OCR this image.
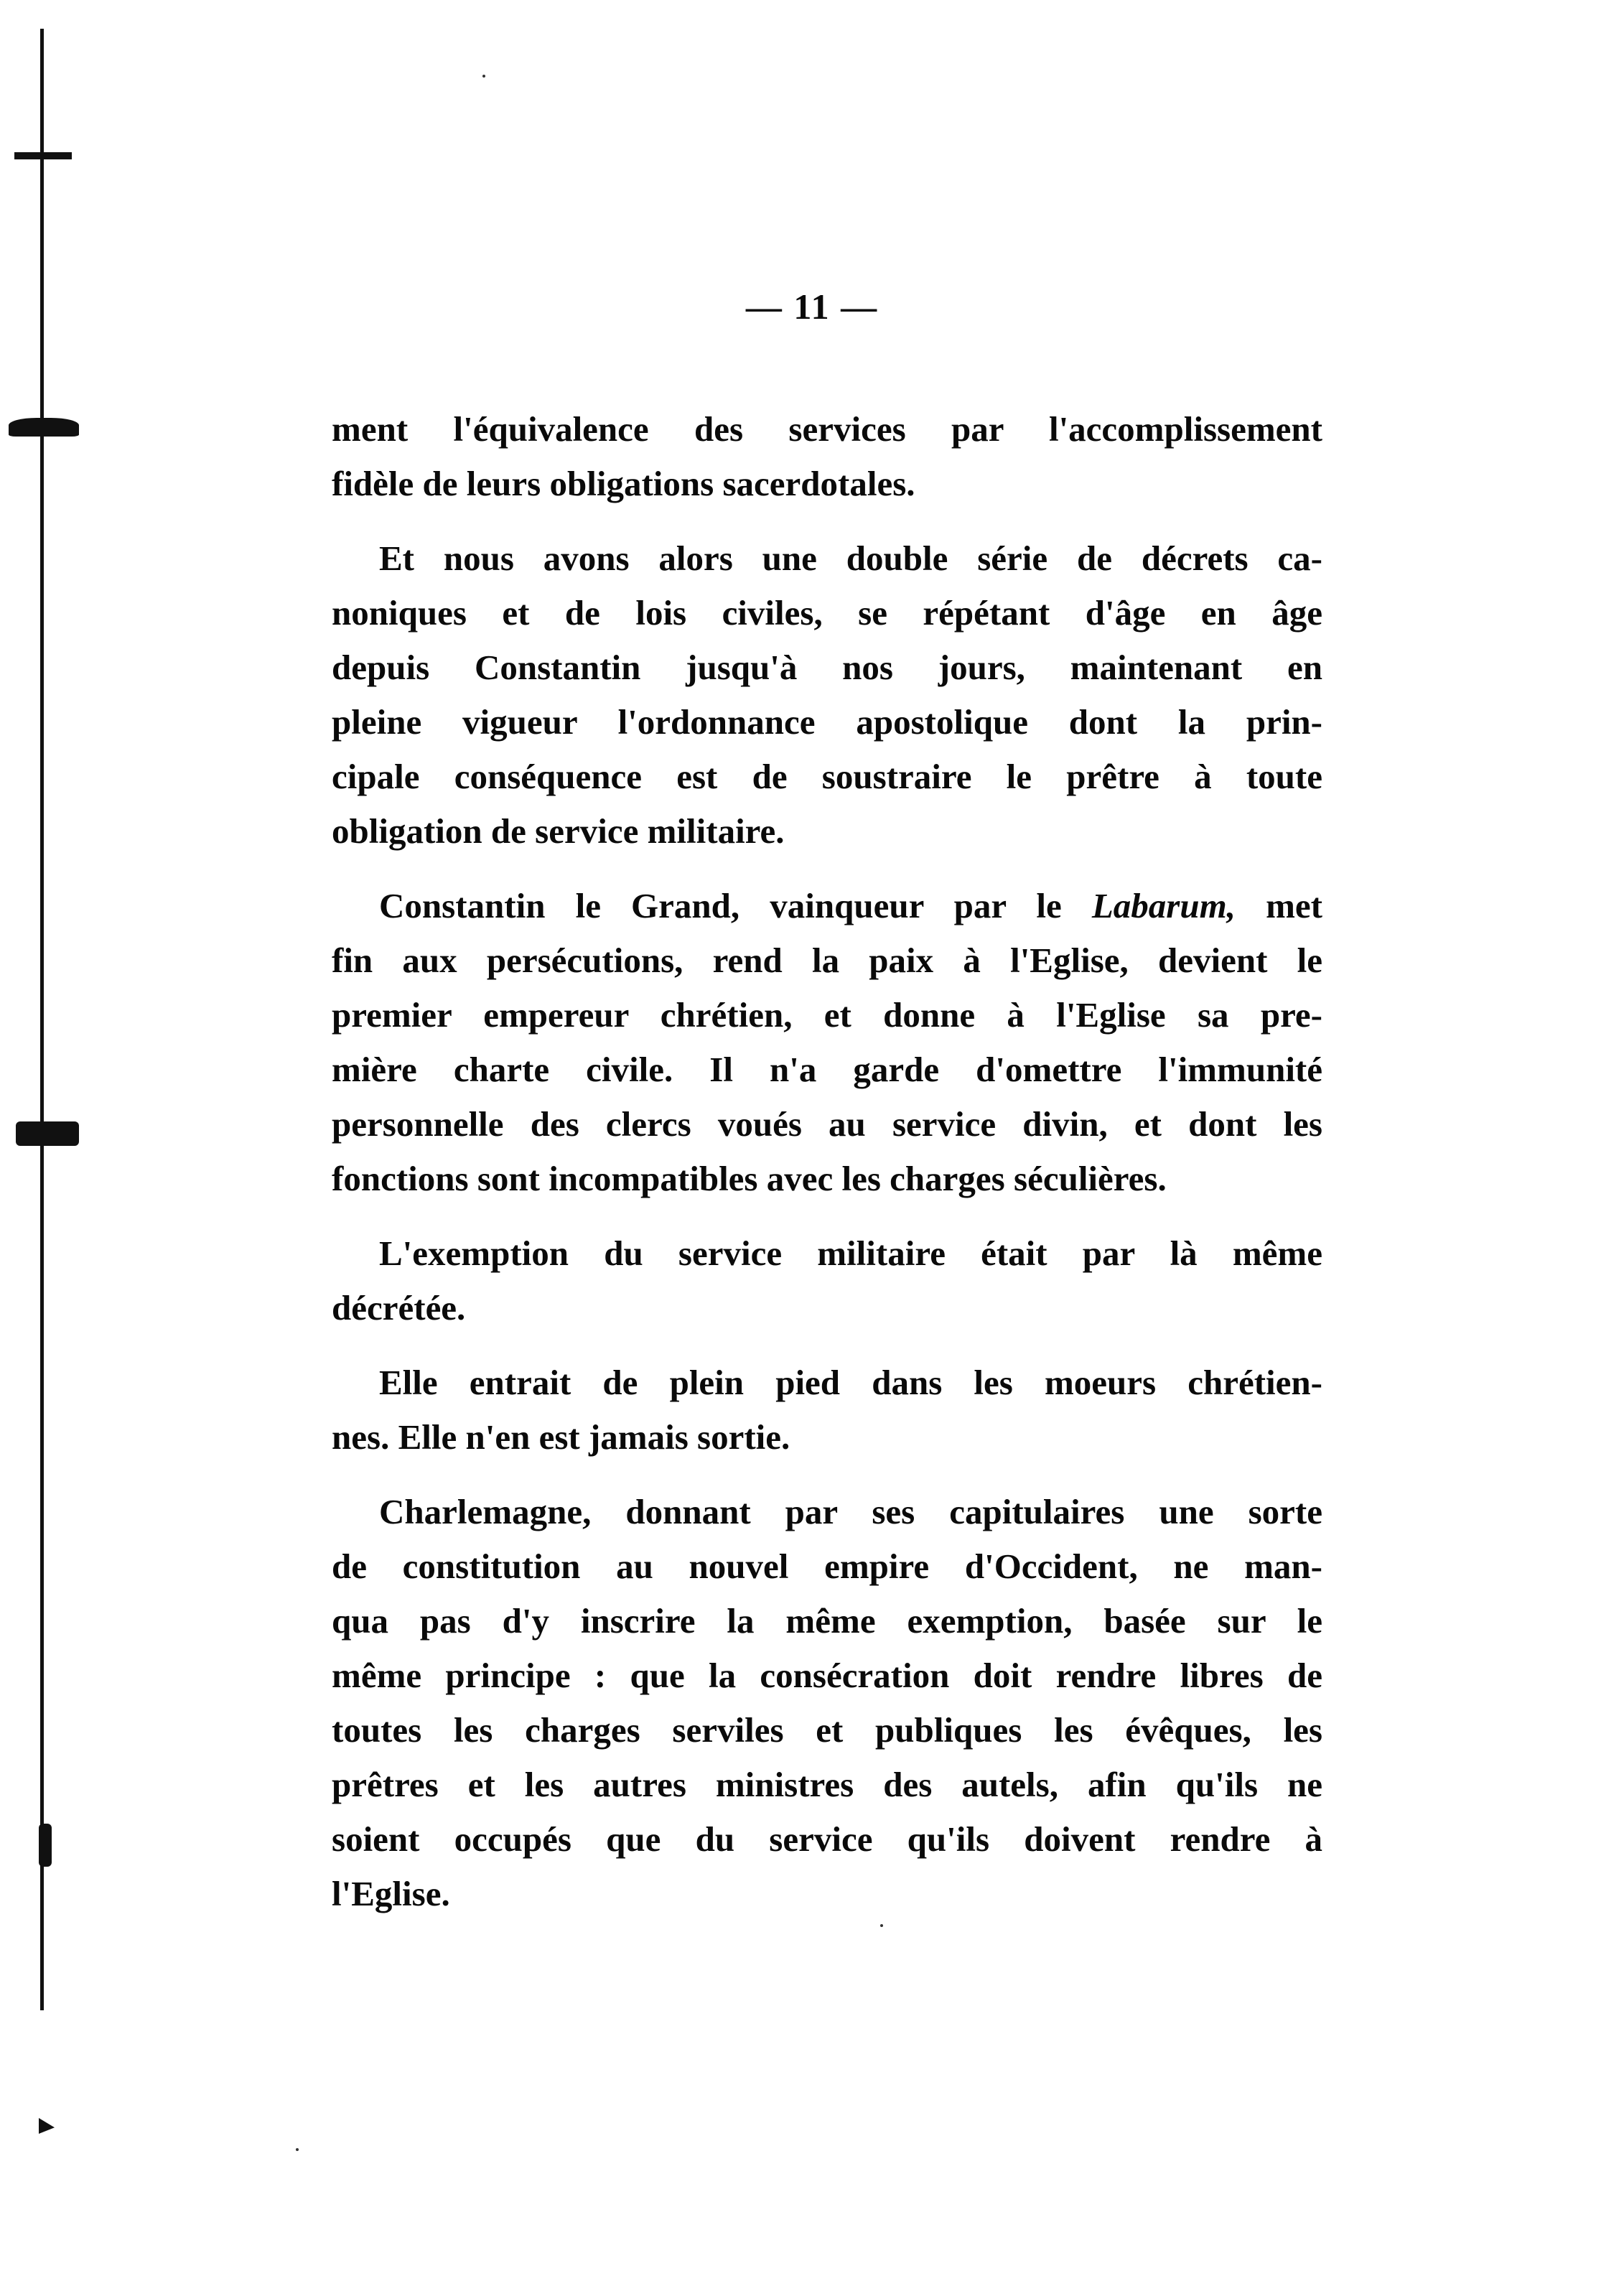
— 11 —
ment l'équivalence des services par l'accomplissement
fidèle de leurs obligations sacerdotales.
Et nous avons alors une double série de décrets ca-
noniques et de lois civiles, se répétant d'âge en âge
depuis Constantin jusqu'à nos jours, maintenant en
pleine vigueur l'ordonnance apostolique dont la prin-
cipale conséquence est de soustraire le prêtre à toute
obligation de service militaire.
Constantin le Grand, vainqueur par le Labarum, met
fin aux persécutions, rend la paix à l'Eglise, devient le
premier empereur chrétien, et donne à l'Eglise sa pre-
mière charte civile. Il n'a garde d'omettre l'immunité
personnelle des clercs voués au service divin, et dont les
fonctions sont incompatibles avec les charges séculières.
L'exemption du service militaire était par là même
décrétée.
Elle entrait de plein pied dans les moeurs chrétien-
nes. Elle n'en est jamais sortie.
Charlemagne, donnant par ses capitulaires une sorte
de constitution au nouvel empire d'Occident, ne man-
qua pas d'y inscrire la même exemption, basée sur le
même principe : que la consécration doit rendre libres de
toutes les charges serviles et publiques les évêques, les
prêtres et les autres ministres des autels, afin qu'ils ne
soient occupés que du service qu'ils doivent rendre à
l'Eglise.
